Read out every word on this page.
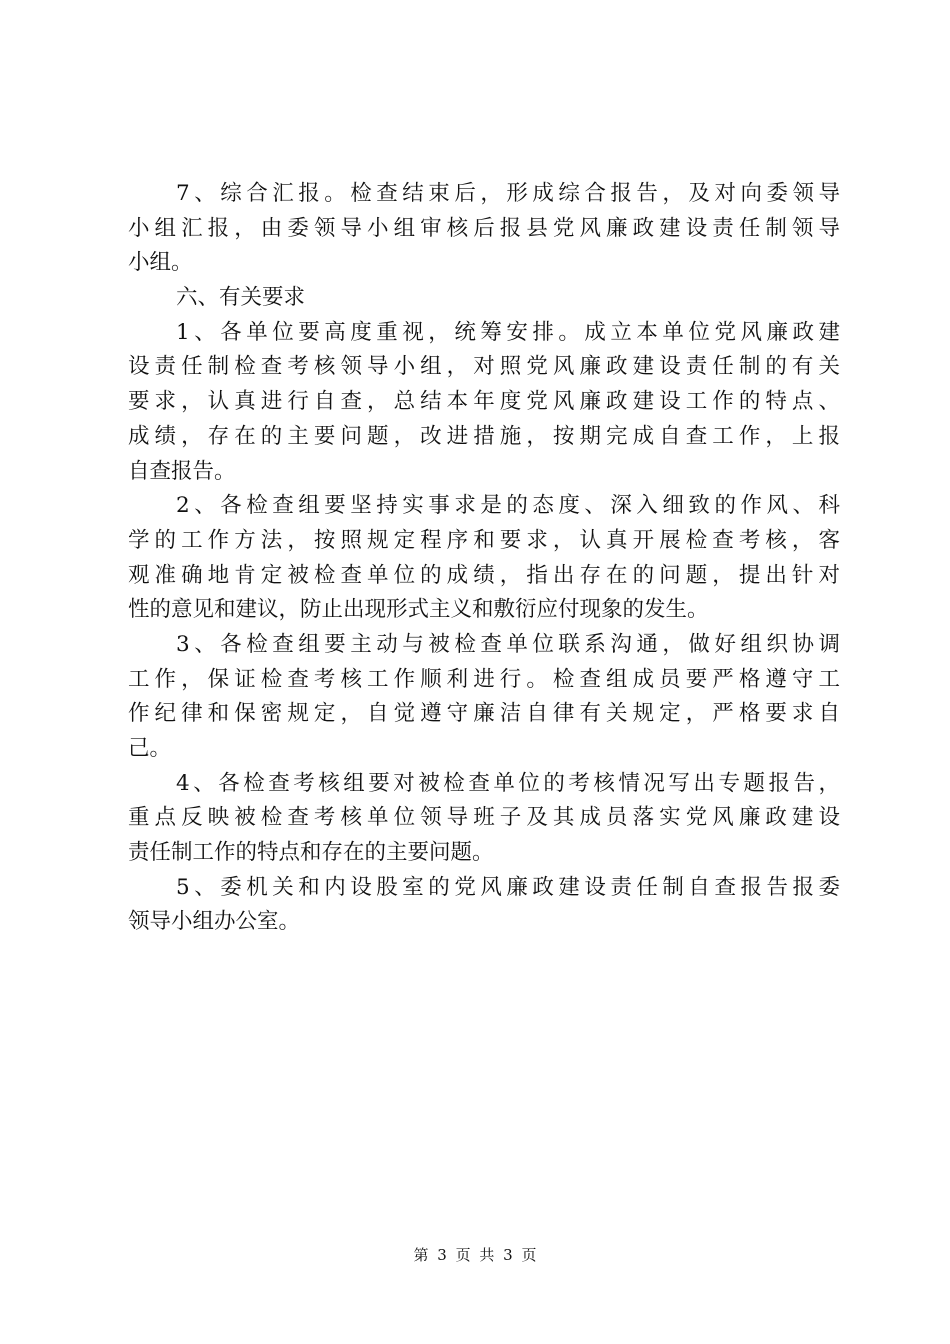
7、综合汇报。检查结束后，形成综合报告，及对向委领导
小组汇报，由委领导小组审核后报县党风廉政建设责任制领导
小组。
六、有关要求
1、各单位要高度重视，统筹安排。成立本单位党风廉政建
设责任制检查考核领导小组，对照党风廉政建设责任制的有关
要求，认真进行自查，总结本年度党风廉政建设工作的特点、
成绩，存在的主要问题，改进措施，按期完成自查工作，上报
自查报告。
2、各检查组要坚持实事求是的态度、深入细致的作风、科
学的工作方法，按照规定程序和要求，认真开展检查考核，客
观准确地肯定被检查单位的成绩，指出存在的问题，提出针对
性的意见和建议，防止出现形式主义和敷衍应付现象的发生。
3、各检查组要主动与被检查单位联系沟通，做好组织协调
工作，保证检查考核工作顺利进行。检查组成员要严格遵守工
作纪律和保密规定，自觉遵守廉洁自律有关规定，严格要求自
己。
4、各检查考核组要对被检查单位的考核情况写出专题报告，
重点反映被检查考核单位领导班子及其成员落实党风廉政建设
责任制工作的特点和存在的主要问题。
5、委机关和内设股室的党风廉政建设责任制自查报告报委
领导小组办公室。
第 3 页 共 3 页
